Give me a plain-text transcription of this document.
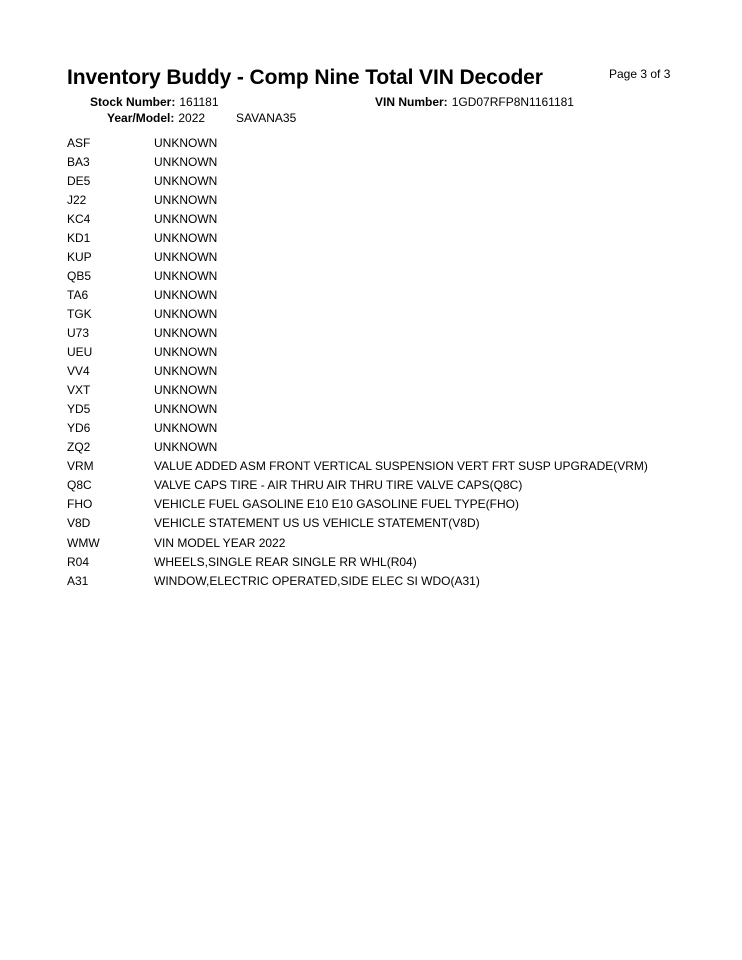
Inventory Buddy - Comp Nine Total VIN Decoder	Page 3 of 3
Stock Number: 161181
Year/Model: 2022	SAVANA35
VIN Number: 1GD07RFP8N1161181
ASF	UNKNOWN
BA3	UNKNOWN
DE5	UNKNOWN
J22	UNKNOWN
KC4	UNKNOWN
KD1	UNKNOWN
KUP	UNKNOWN
QB5	UNKNOWN
TA6	UNKNOWN
TGK	UNKNOWN
U73	UNKNOWN
UEU	UNKNOWN
VV4	UNKNOWN
VXT	UNKNOWN
YD5	UNKNOWN
YD6	UNKNOWN
ZQ2	UNKNOWN
VRM	VALUE ADDED ASM FRONT VERTICAL SUSPENSION VERT FRT SUSP UPGRADE(VRM)
Q8C	VALVE CAPS TIRE - AIR THRU AIR THRU TIRE VALVE CAPS(Q8C)
FHO	VEHICLE FUEL GASOLINE E10 E10 GASOLINE FUEL TYPE(FHO)
V8D	VEHICLE STATEMENT US US VEHICLE STATEMENT(V8D)
WMW	VIN MODEL YEAR 2022
R04	WHEELS,SINGLE REAR SINGLE RR WHL(R04)
A31	WINDOW,ELECTRIC OPERATED,SIDE ELEC SI WDO(A31)
